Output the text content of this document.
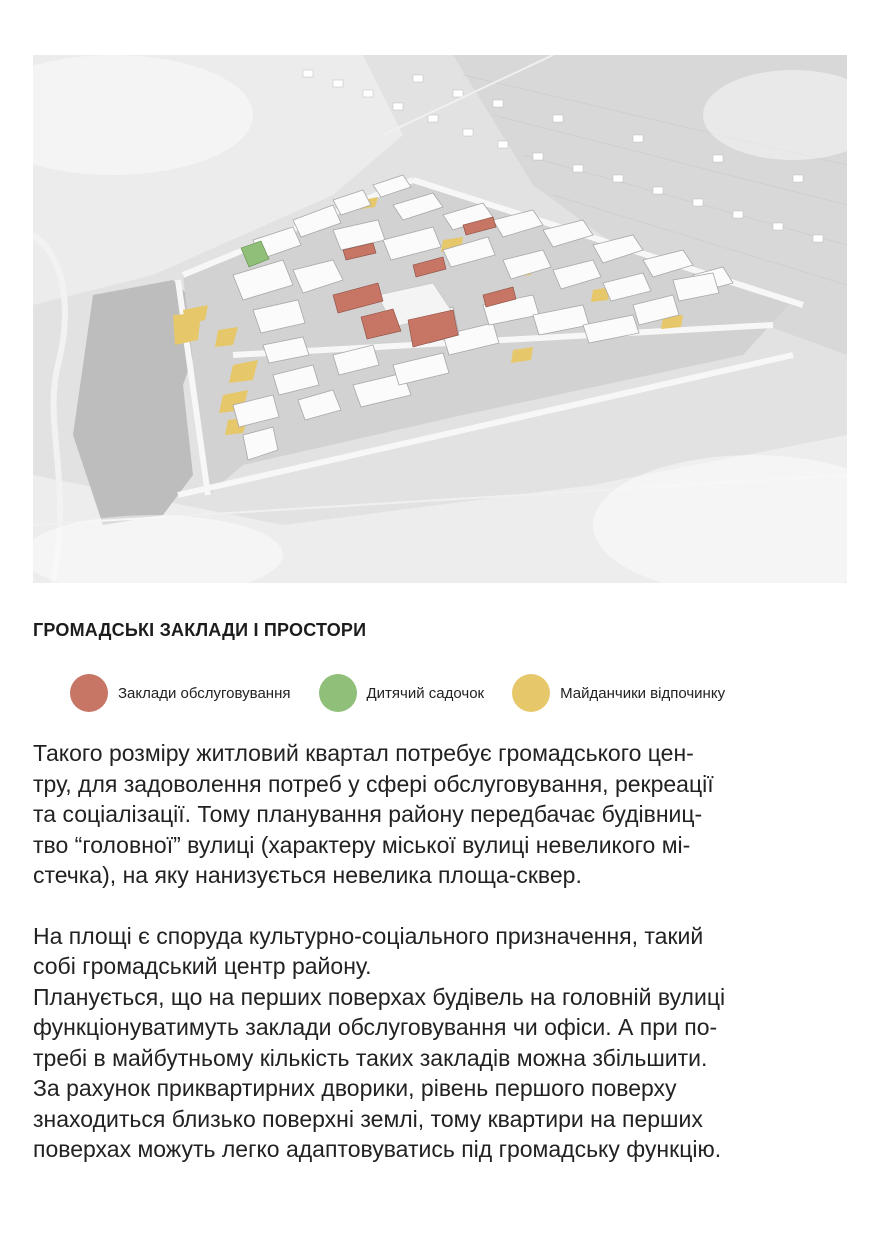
ГРОМАДСЬКІ ЗАКЛАДИ І ПРОСТОРИ
Заклади обслуговування	Дитячий садочок	Майданчики відпочинку

Такого розміру житловий квартал потребує громадського цен-
тру, для задоволення потреб у сфері обслуговування, рекреації
та соціалізації. Тому планування району передбачає будівниц-
тво “головної” вулиці (характеру міської вулиці невеликого мі-
стечка), на яку нанизується невелика площа-сквер.

На площі є споруда культурно-соціального призначення, такий
собі громадський центр району.

Планується, що на перших поверхах будівель на головній вулиці
функціонуватимуть заклади обслуговування чи офіси. А при по-
требі в майбутньому кількість таких закладів можна збільшити.
За рахунок приквартирних дворики, рівень першого поверху
знаходиться близько поверхні землі, тому квартири на перших
поверхах можуть легко адаптовуватись під громадську функцію.
